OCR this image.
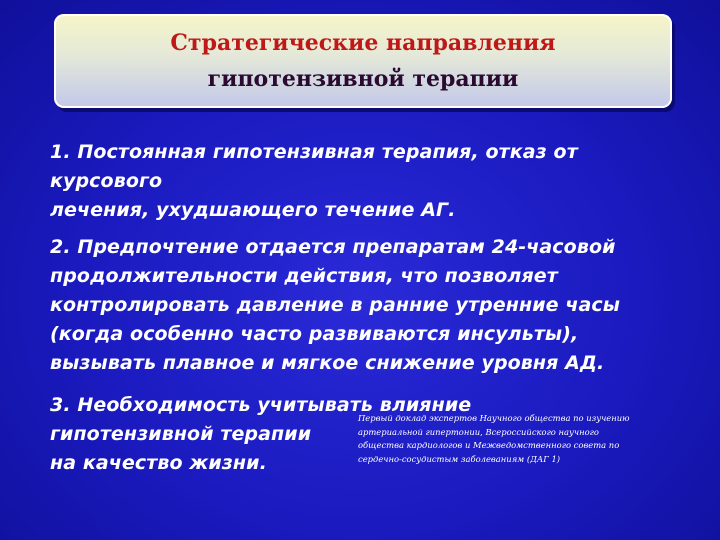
Стратегические направления
гипотензивной терапии
1. Постоянная гипотензивная терапия, отказ от
курсового
лечения, ухудшающего течение АГ.
2. Предпочтение отдается препаратам 24-часовой
продолжительности действия, что позволяет
контролировать давление в ранние утренние часы
(когда особенно часто развиваются инсульты),
вызывать плавное и мягкое снижение уровня АД.
3. Необходимость учитывать влияние
гипотензивной терапии
на качество жизни.
Первый доклад экспертов Научного общества по изучению
артериальной гипертонии, Всероссийского научного
общества кардиологов и Межведомственного совета по
сердечно-сосудистым заболеваниям (ДАГ 1)
